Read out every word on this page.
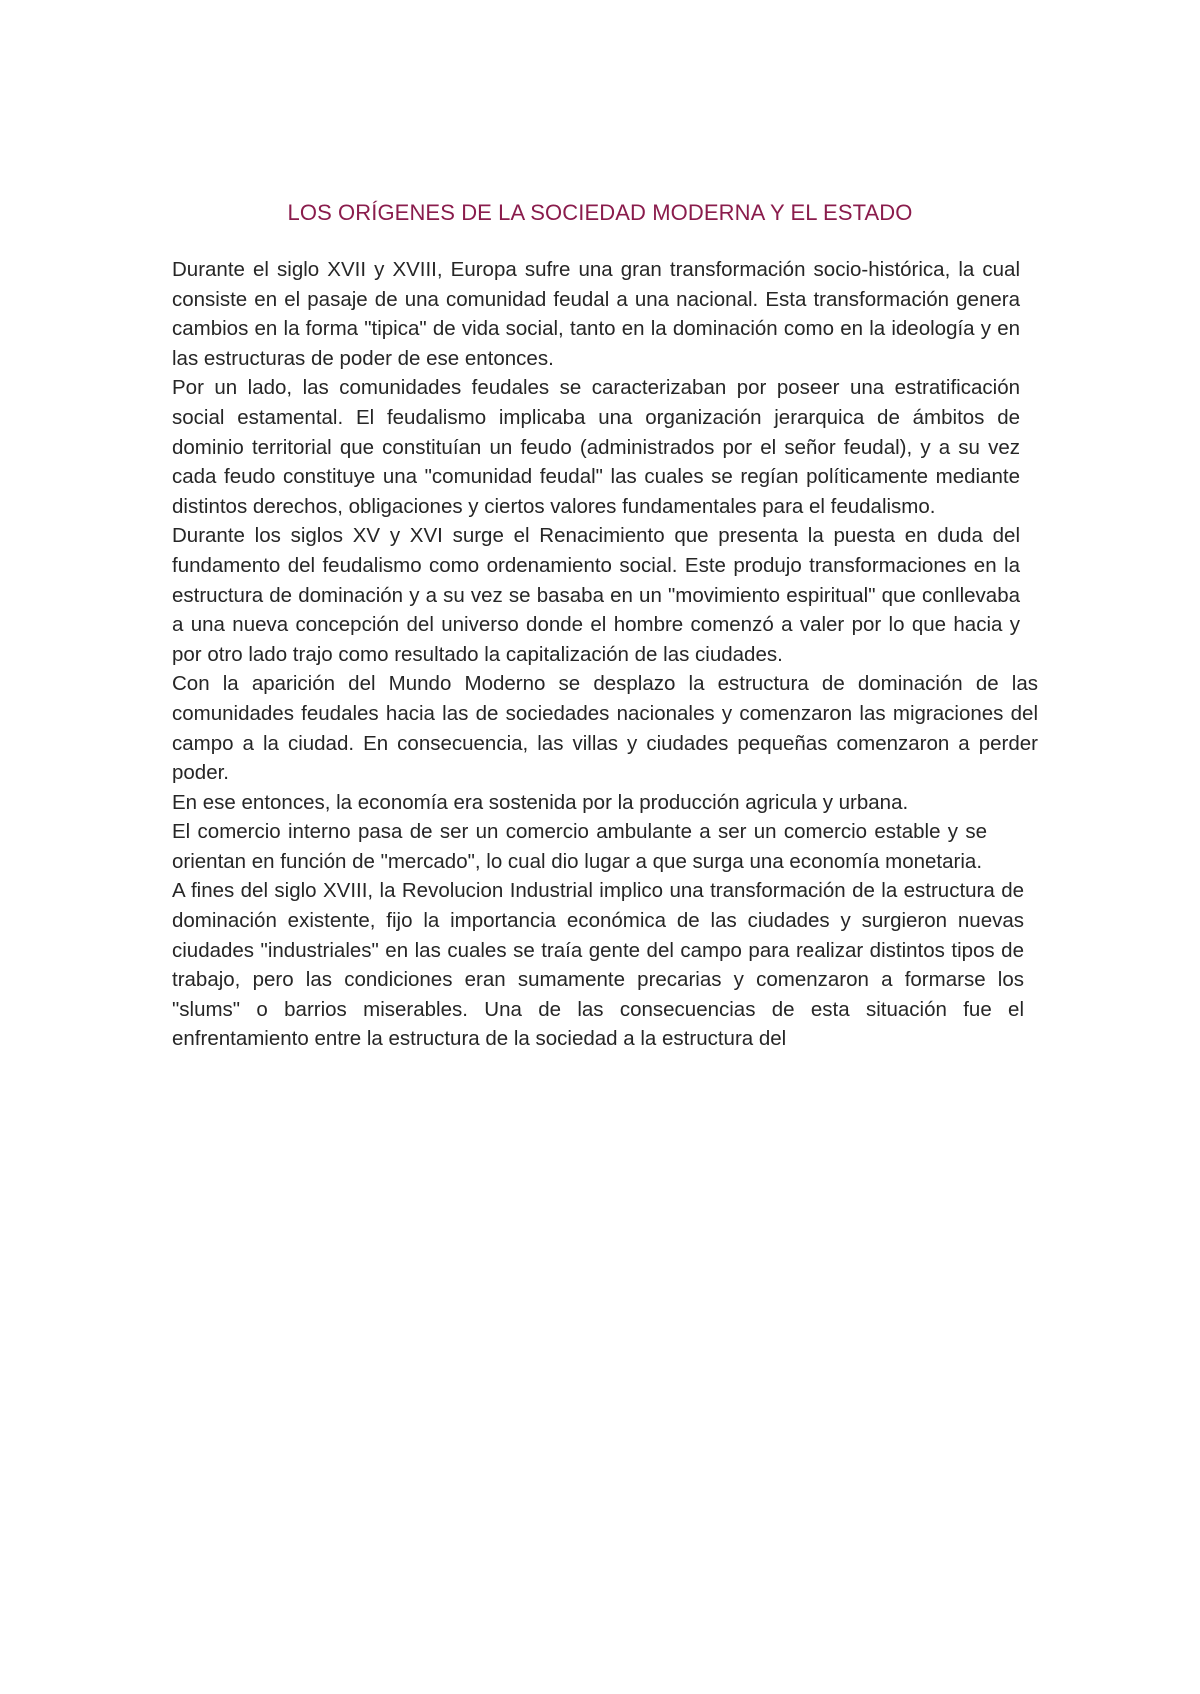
LOS ORÍGENES DE LA SOCIEDAD MODERNA Y EL ESTADO

Durante el siglo XVII y XVIII, Europa sufre una gran transformación socio-histórica, la cual consiste en el pasaje de una comunidad feudal a una nacional. Esta transformación genera cambios en la forma "tipica" de vida social, tanto en la dominación como en la ideología y en las estructuras de poder de ese entonces.

Por un lado, las comunidades feudales se caracterizaban por poseer una estratificación social estamental. El feudalismo implicaba una organización jerarquica de ámbitos de dominio territorial que constituían un feudo (administrados por el señor feudal), y a su vez cada feudo constituye una "comunidad feudal" las cuales se regían políticamente mediante distintos derechos, obligaciones y ciertos valores fundamentales para el feudalismo.

Durante los siglos XV y XVI surge el Renacimiento que presenta la puesta en duda del fundamento del feudalismo como ordenamiento social. Este produjo transformaciones en la estructura de dominación y a su vez se basaba en un "movimiento espiritual" que conllevaba a una nueva concepción del universo donde el hombre comenzó a valer por lo que hacia y por otro lado trajo como resultado la capitalización de las ciudades.

Con la aparición del Mundo Moderno se desplazo la estructura de dominación de las comunidades feudales hacia las de sociedades nacionales y comenzaron las migraciones del campo a la ciudad. En consecuencia, las villas y ciudades pequeñas comenzaron a perder poder.

En ese entonces, la economía era sostenida por la producción agricula y urbana.

El comercio interno pasa de ser un comercio ambulante a ser un comercio estable y se orientan en función de "mercado", lo cual dio lugar a que surga una economía monetaria.

A fines del siglo XVIII, la Revolucion Industrial implico una transformación de la estructura de dominación existente, fijo la importancia económica de las ciudades y surgieron nuevas ciudades "industriales" en las cuales se traía gente del campo para realizar distintos tipos de trabajo, pero las condiciones eran sumamente precarias y comenzaron a formarse los "slums" o barrios miserables. Una de las consecuencias de esta situación fue el enfrentamiento entre la estructura de la sociedad a la estructura del
